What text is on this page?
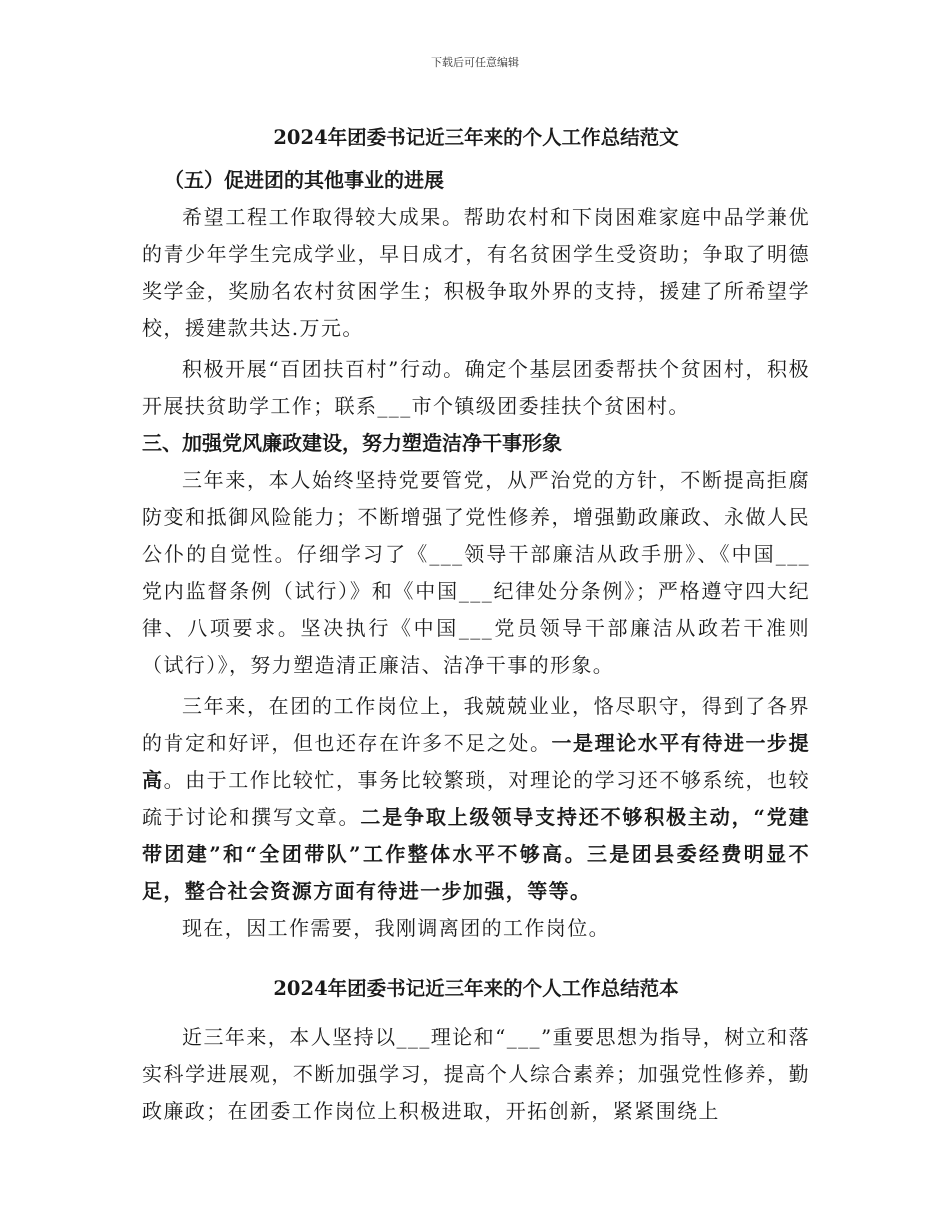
下载后可任意编辑
2024年团委书记近三年来的个人工作总结范文
（五）促进团的其他事业的进展

希望工程工作取得较大成果。帮助农村和下岗困难家庭中品学兼优的青少年学生完成学业，早日成才，有名贫困学生受资助；争取了明德奖学金，奖励名农村贫困学生；积极争取外界的支持，援建了所希望学校，援建款共达.万元。

积极开展“百团扶百村”行动。确定个基层团委帮扶个贫困村，积极开展扶贫助学工作；联系___市个镇级团委挂扶个贫困村。

三、加强党风廉政建设，努力塑造洁净干事形象

三年来，本人始终坚持党要管党，从严治党的方针，不断提高拒腐防变和抵御风险能力；不断增强了党性修养，增强勤政廉政、永做人民公仆的自觉性。仔细学习了《___领导干部廉洁从政手册》、《中国___党内监督条例（试行）》和《中国___纪律处分条例》；严格遵守四大纪律、八项要求。坚决执行《中国___党员领导干部廉洁从政若干准则（试行）》，努力塑造清正廉洁、洁净干事的形象。

三年来，在团的工作岗位上，我兢兢业业，恪尽职守，得到了各界的肯定和好评，但也还存在许多不足之处。一是理论水平有待进一步提高。由于工作比较忙，事务比较繁琐，对理论的学习还不够系统，也较疏于讨论和撰写文章。二是争取上级领导支持还不够积极主动，“党建带团建”和“全团带队”工作整体水平不够高。三是团县委经费明显不足，整合社会资源方面有待进一步加强，等等。

现在，因工作需要，我刚调离团的工作岗位。

2024年团委书记近三年来的个人工作总结范本

近三年来，本人坚持以___理论和“___”重要思想为指导，树立和落实科学进展观，不断加强学习，提高个人综合素养；加强党性修养，勤政廉政；在团委工作岗位上积极进取，开拓创新，紧紧围绕上
